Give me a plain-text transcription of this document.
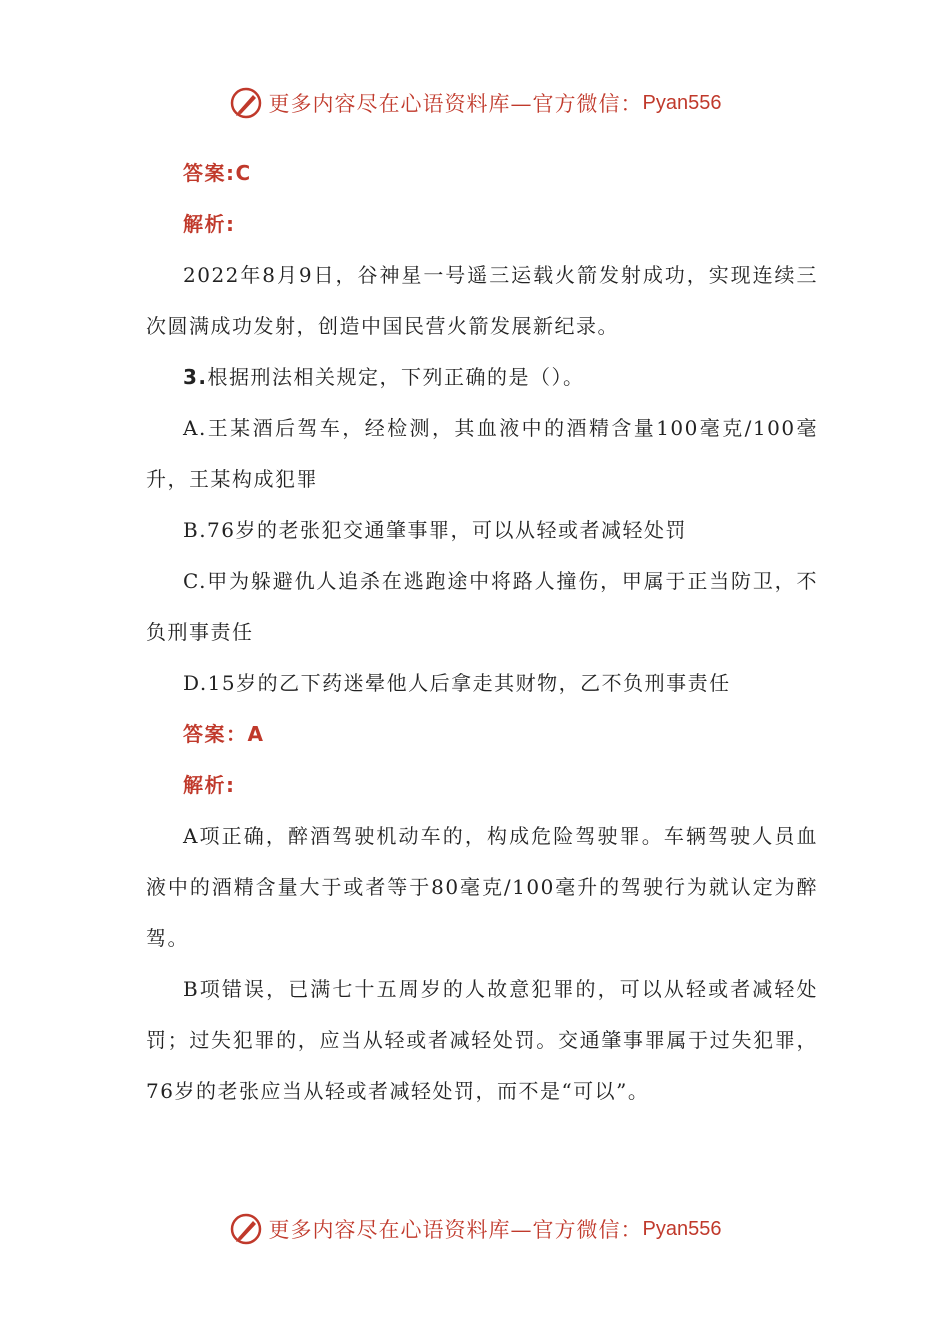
更多内容尽在心语资料库—官方微信： Pyan556

答案:C

解析:

2022年8月9日，谷神星一号遥三运载火箭发射成功，实现连续三次圆满成功发射，创造中国民营火箭发展新纪录。

3.根据刑法相关规定，下列正确的是（）。

A.王某酒后驾车，经检测，其血液中的酒精含量100毫克/100毫升，王某构成犯罪

B.76岁的老张犯交通肇事罪，可以从轻或者减轻处罚

C.甲为躲避仇人追杀在逃跑途中将路人撞伤，甲属于正当防卫，不负刑事责任

D.15岁的乙下药迷晕他人后拿走其财物，乙不负刑事责任

答案：A

解析:

A项正确，醉酒驾驶机动车的，构成危险驾驶罪。车辆驾驶人员血液中的酒精含量大于或者等于80毫克/100毫升的驾驶行为就认定为醉驾。

B项错误，已满七十五周岁的人故意犯罪的，可以从轻或者减轻处罚；过失犯罪的，应当从轻或者减轻处罚。交通肇事罪属于过失犯罪，76岁的老张应当从轻或者减轻处罚，而不是“可以”。

更多内容尽在心语资料库—官方微信： Pyan556
